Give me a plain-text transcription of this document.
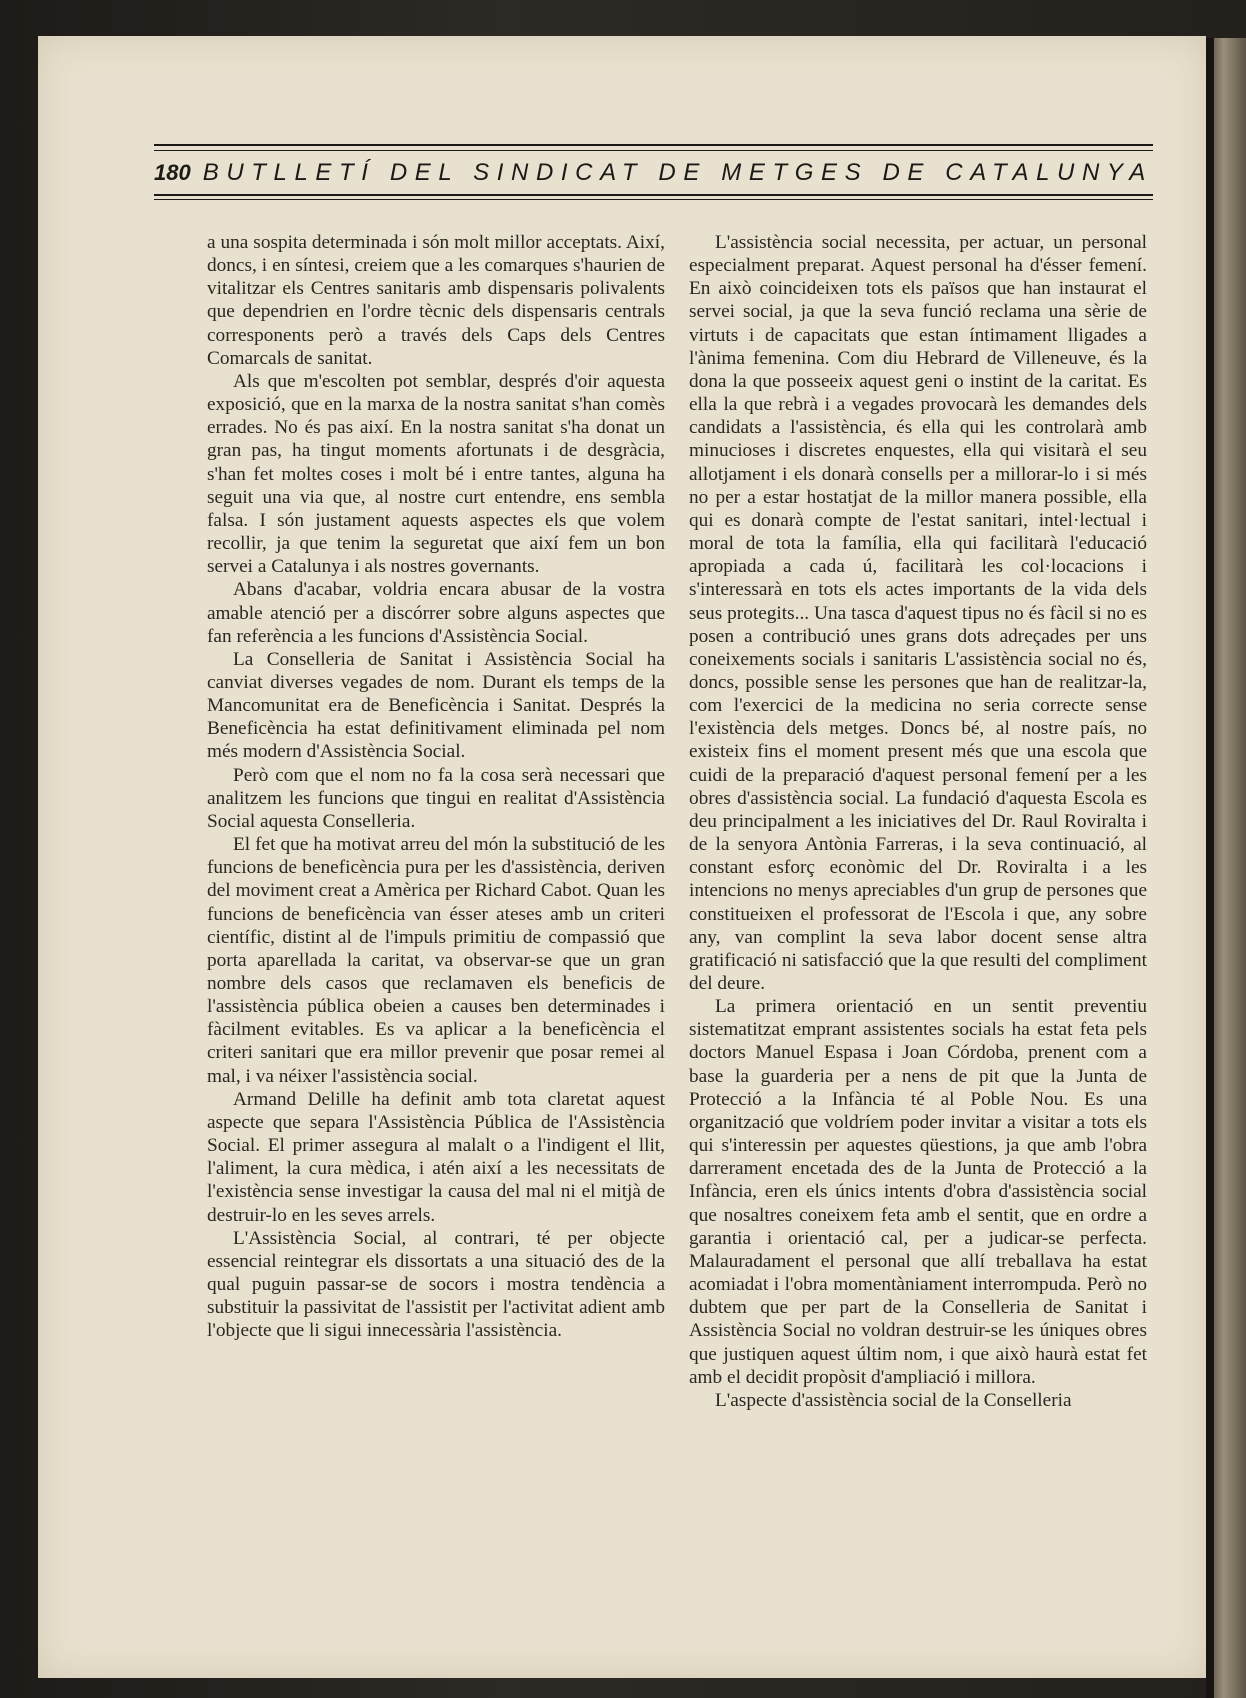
180 BUTLLETÍ DEL SINDICAT DE METGES DE CATALUNYA

a una sospita determinada i són molt millor acceptats. Així, doncs, i en síntesi, creiem que a les comarques s'haurien de vitalitzar els Centres sanitaris amb dispensaris polivalents que dependrien en l'ordre tècnic dels dispensaris centrals corresponents però a través dels Caps dels Centres Comarcals de sanitat.

Als que m'escolten pot semblar, després d'oir aquesta exposició, que en la marxa de la nostra sanitat s'han comès errades. No és pas així. En la nostra sanitat s'ha donat un gran pas, ha tingut moments afortunats i de desgràcia, s'han fet moltes coses i molt bé i entre tantes, alguna ha seguit una via que, al nostre curt entendre, ens sembla falsa. I són justament aquests aspectes els que volem recollir, ja que tenim la seguretat que així fem un bon servei a Catalunya i als nostres governants.

Abans d'acabar, voldria encara abusar de la vostra amable atenció per a discórrer sobre alguns aspectes que fan referència a les funcions d'Assistència Social.

La Conselleria de Sanitat i Assistència Social ha canviat diverses vegades de nom. Durant els temps de la Mancomunitat era de Beneficència i Sanitat. Després la Beneficència ha estat definitivament eliminada pel nom més modern d'Assistència Social.

Però com que el nom no fa la cosa serà necessari que analitzem les funcions que tingui en realitat d'Assistència Social aquesta Conselleria.

El fet que ha motivat arreu del món la substitució de les funcions de beneficència pura per les d'assistència, deriven del moviment creat a Amèrica per Richard Cabot. Quan les funcions de beneficència van ésser ateses amb un criteri científic, distint al de l'impuls primitiu de compassió que porta aparellada la caritat, va observar-se que un gran nombre dels casos que reclamaven els beneficis de l'assistència pública obeien a causes ben determinades i fàcilment evitables. Es va aplicar a la beneficència el criteri sanitari que era millor prevenir que posar remei al mal, i va néixer l'assistència social.

Armand Delille ha definit amb tota claretat aquest aspecte que separa l'Assistència Pública de l'Assistència Social. El primer assegura al malalt o a l'indigent el llit, l'aliment, la cura mèdica, i atén així a les necessitats de l'existència sense investigar la causa del mal ni el mitjà de destruir-lo en les seves arrels.

L'Assistència Social, al contrari, té per objecte essencial reintegrar els dissortats a una situació des de la qual puguin passar-se de socors i mostra tendència a substituir la passivitat de l'assistit per l'activitat adient amb l'objecte que li sigui innecessària l'assistència.

L'assistència social necessita, per actuar, un personal especialment preparat. Aquest personal ha d'ésser femení. En això coincideixen tots els països que han instaurat el servei social, ja que la seva funció reclama una sèrie de virtuts i de capacitats que estan íntimament lligades a l'ànima femenina. Com diu Hebrard de Villeneuve, és la dona la que posseeix aquest geni o instint de la caritat. Es ella la que rebrà i a vegades provocarà les demandes dels candidats a l'assistència, és ella qui les controlarà amb minucioses i discretes enquestes, ella qui visitarà el seu allotjament i els donarà consells per a millorar-lo i si més no per a estar hostatjat de la millor manera possible, ella qui es donarà compte de l'estat sanitari, intel·lectual i moral de tota la família, ella qui facilitarà l'educació apropiada a cada ú, facilitarà les col·locacions i s'interessarà en tots els actes importants de la vida dels seus protegits... Una tasca d'aquest tipus no és fàcil si no es posen a contribució unes grans dots adreçades per uns coneixements socials i sanitaris L'assistència social no és, doncs, possible sense les persones que han de realitzar-la, com l'exercici de la medicina no seria correcte sense l'existència dels metges. Doncs bé, al nostre país, no existeix fins el moment present més que una escola que cuidi de la preparació d'aquest personal femení per a les obres d'assistència social. La fundació d'aquesta Escola es deu principalment a les iniciatives del Dr. Raul Roviralta i de la senyora Antònia Farreras, i la seva continuació, al constant esforç econòmic del Dr. Roviralta i a les intencions no menys apreciables d'un grup de persones que constitueixen el professorat de l'Escola i que, any sobre any, van complint la seva labor docent sense altra gratificació ni satisfacció que la que resulti del compliment del deure.

La primera orientació en un sentit preventiu sistematitzat emprant assistentes socials ha estat feta pels doctors Manuel Espasa i Joan Córdoba, prenent com a base la guarderia per a nens de pit que la Junta de Protecció a la Infància té al Poble Nou. Es una organització que voldríem poder invitar a visitar a tots els qui s'interessin per aquestes qüestions, ja que amb l'obra darrerament encetada des de la Junta de Protecció a la Infància, eren els únics intents d'obra d'assistència social que nosaltres coneixem feta amb el sentit, que en ordre a garantia i orientació cal, per a judicar-se perfecta. Malauradament el personal que allí treballava ha estat acomiadat i l'obra momentàniament interrompuda. Però no dubtem que per part de la Conselleria de Sanitat i Assistència Social no voldran destruir-se les úniques obres que justiquen aquest últim nom, i que això haurà estat fet amb el decidit propòsit d'ampliació i millora.

L'aspecte d'assistència social de la Conselleria
